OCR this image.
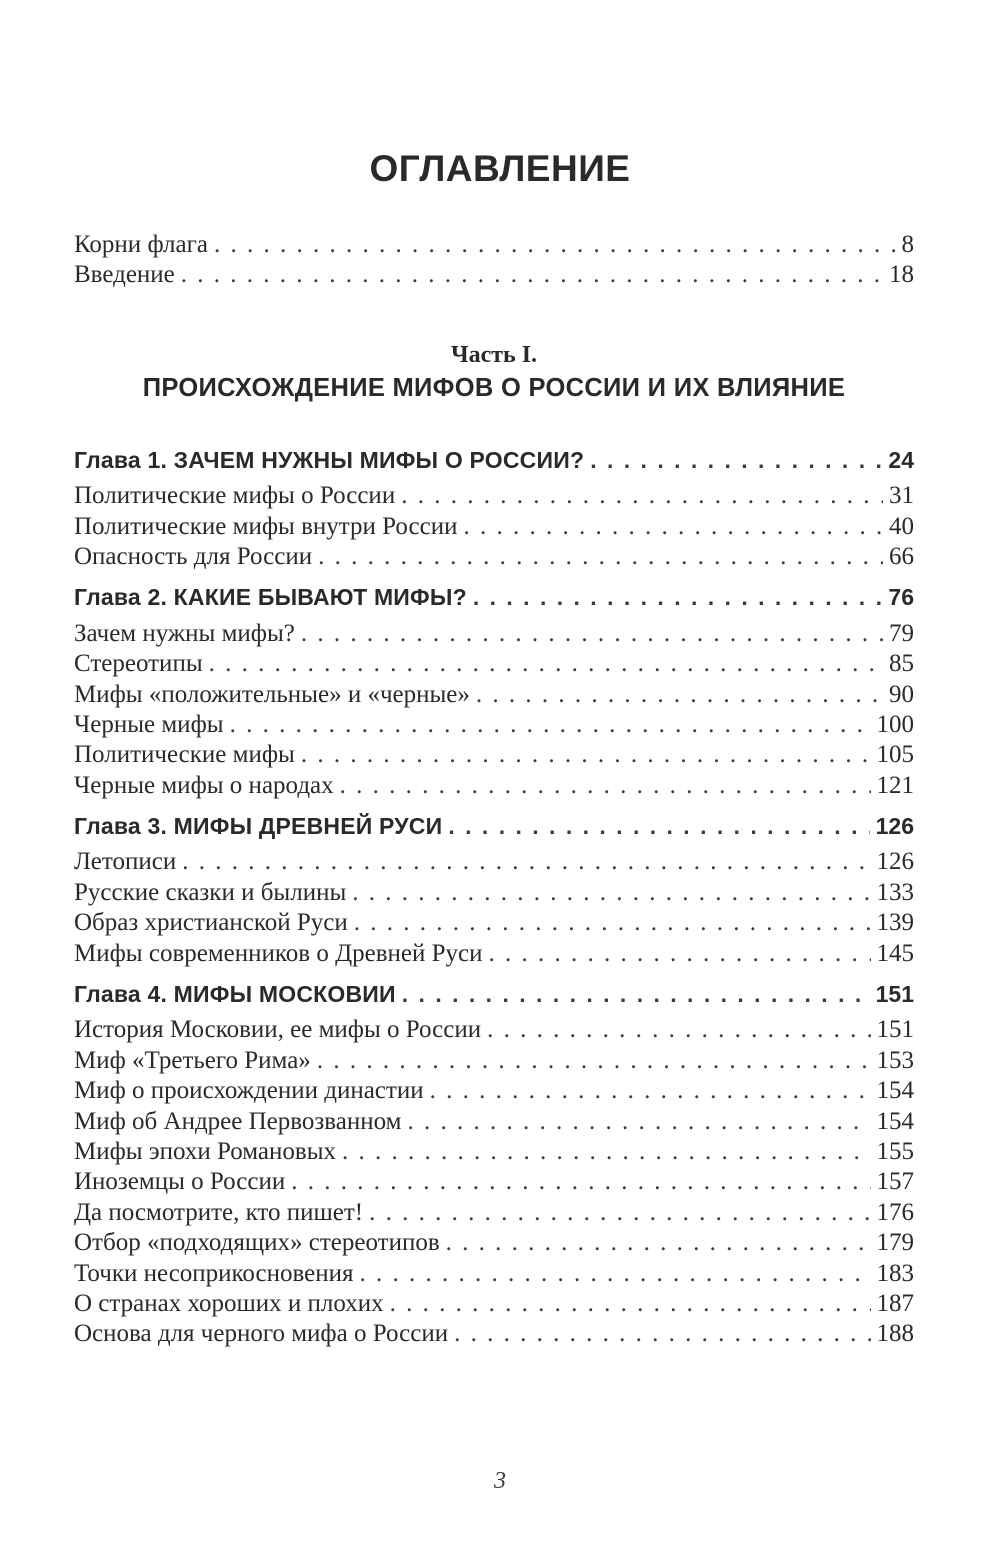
ОГЛАВЛЕНИЕ
Корни флага . . .	8
Введение . . .	18
Часть I.
ПРОИСХОЖДЕНИЕ МИФОВ О РОССИИ И ИХ ВЛИЯНИЕ
Глава 1. ЗАЧЕМ НУЖНЫ МИФЫ О РОССИИ? . . .	24
Политические мифы о России . . .	31
Политические мифы внутри России . . .	40
Опасность для России . . .	66
Глава 2. КАКИЕ БЫВАЮТ МИФЫ? . . .	76
Зачем нужны мифы? . . .	79
Стереотипы . . .	85
Мифы «положительные» и «черные» . . .	90
Черные мифы . . .	100
Политические мифы . . .	105
Черные мифы о народах . . .	121
Глава 3. МИФЫ ДРЕВНЕЙ РУСИ . . .	126
Летописи . . .	126
Русские сказки и былины . . .	133
Образ христианской Руси . . .	139
Мифы современников о Древней Руси . . .	145
Глава 4. МИФЫ МОСКОВИИ . . .	151
История Московии, ее мифы о России . . .	151
Миф «Третьего Рима» . . .	153
Миф о происхождении династии . . .	154
Миф об Андрее Первозванном . . .	154
Мифы эпохи Романовых . . .	155
Иноземцы о России . . .	157
Да посмотрите, кто пишет! . . .	176
Отбор «подходящих» стереотипов . . .	179
Точки несоприкосновения . . .	183
О странах хороших и плохих . . .	187
Основа для черного мифа о России . . .	188
3
